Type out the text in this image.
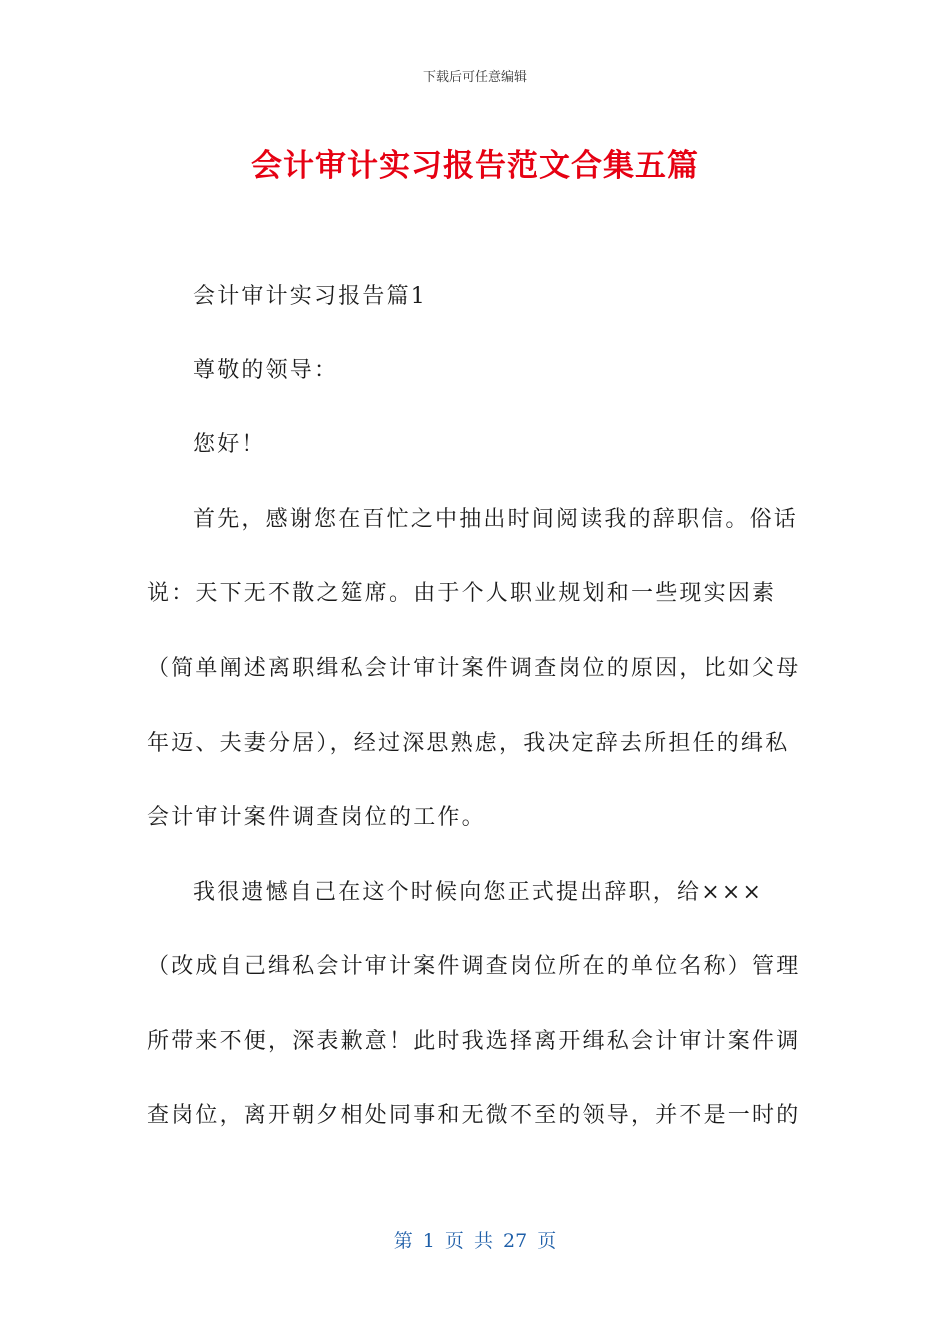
下载后可任意编辑
会计审计实习报告范文合集五篇

会计审计实习报告篇1

尊敬的领导：

您好！

首先，感谢您在百忙之中抽出时间阅读我的辞职信。俗话

说：天下无不散之筵席。由于个人职业规划和一些现实因素

（简单阐述离职缉私会计审计案件调查岗位的原因，比如父母

年迈、夫妻分居），经过深思熟虑，我决定辞去所担任的缉私

会计审计案件调查岗位的工作。

我很遗憾自己在这个时候向您正式提出辞职，给×××

（改成自己缉私会计审计案件调查岗位所在的单位名称）管理

所带来不便，深表歉意！此时我选择离开缉私会计审计案件调

查岗位，离开朝夕相处同事和无微不至的领导，并不是一时的

第 1 页 共 27 页
